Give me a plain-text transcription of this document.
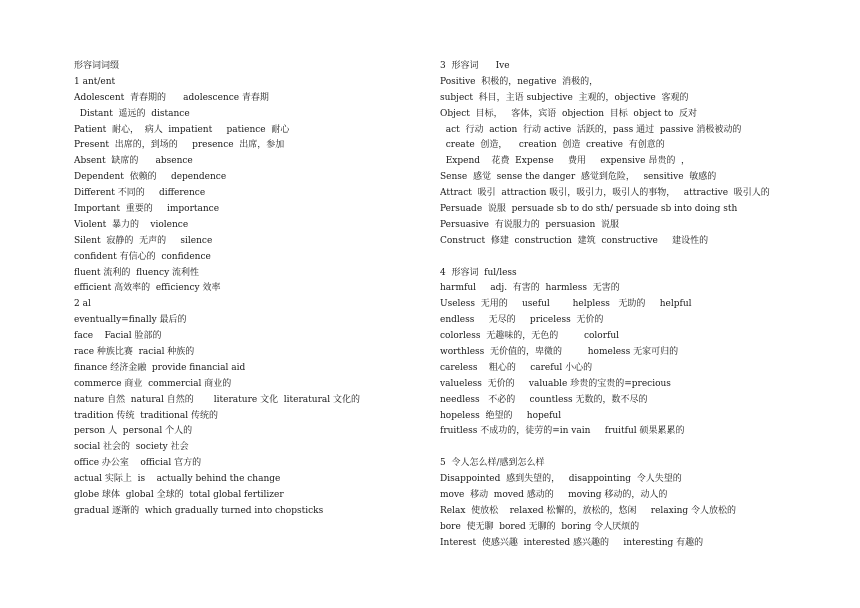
形容词词缀
1 ant/ent
Adolescent  青春期的      adolescence 青春期
Distant  遥远的  distance
Patient  耐心，  病人  impatient     patience  耐心
Present  出席的，到场的     presence  出席，参加
Absent  缺席的      absence
Dependent  依赖的     dependence
Different 不同的     difference
Important  重要的     importance
Violent  暴力的    violence
Silent  寂静的  无声的     silence
confident 有信心的  confidence
fluent 流利的  fluency 流利性
efficient 高效率的  efficiency 效率
2 al
eventually=finally 最后的
face    Facial 脸部的
race 种族比赛  racial 种族的
finance 经济金融  provide financial aid
commerce 商业  commercial 商业的
nature 自然  natural 自然的       literature 文化  literatural 文化的
tradition 传统  traditional 传统的
person 人  personal 个人的
social 社会的  society 社会
office 办公室    official 官方的
actual 实际上  is    actually behind the change
globe 球体  global 全球的  total global fertilizer
gradual 逐渐的  which gradually turned into chopsticks
3  形容词      Ive
Positive  积极的，negative  消极的，
subject  科目，主语 subjective  主观的，objective  客观的
Object  目标，   客体，宾语  objection  目标  object to  反对
act  行动  action  行动 active  活跃的，pass 通过  passive 消极被动的
create  创造，    creation  创造  creative  有创意的
Expend    花费  Expense     费用     expensive 昂贵的  ，
Sense  感觉  sense the danger  感觉到危险，   sensitive  敏感的
Attract  吸引  attraction 吸引，吸引力，吸引人的事物，   attractive  吸引人的
Persuade  说服  persuade sb to do sth/ persuade sb into doing sth
Persuasive  有说服力的  persuasion  说服
Construct  修建  construction  建筑  constructive     建设性的
4  形容词  ful/less
harmful     adj.  有害的  harmless  无害的
Useless  无用的     useful        helpless   无助的     helpful
endless     无尽的     priceless  无价的
colorless  无趣味的，无色的         colorful
worthless  无价值的，卑微的         homeless 无家可归的
careless    粗心的     careful 小心的
valueless  无价的     valuable 珍贵的宝贵的=precious
needless   不必的     countless 无数的，数不尽的
hopeless  绝望的     hopeful
fruitless 不成功的，徒劳的=in vain     fruitful 硕果累累的
5  令人怎么样/感到怎么样
Disappointed  感到失望的，   disappointing  令人失望的
move  移动  moved 感动的     moving 移动的，动人的
Relax  使放松    relaxed 松懈的，放松的，悠闲     relaxing 令人放松的
bore  使无聊  bored 无聊的  boring 令人厌烦的
Interest  使感兴趣  interested 感兴趣的     interesting 有趣的
